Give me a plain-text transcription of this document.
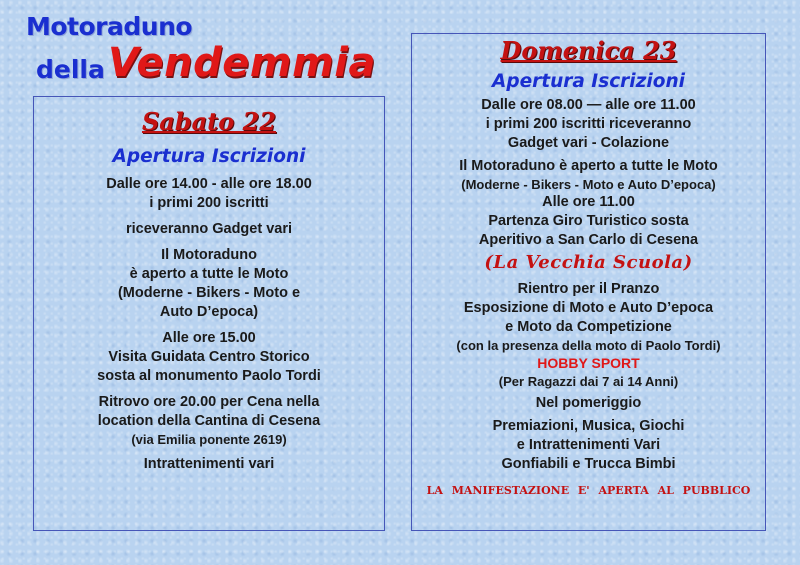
Motoraduno
della Vendemmia
Sabato 22
Apertura Iscrizioni
Dalle ore 14.00 - alle ore 18.00
i primi 200 iscritti
riceveranno Gadget vari
Il Motoraduno
è aperto a tutte le Moto
(Moderne - Bikers - Moto e
Auto D’epoca)
Alle ore 15.00
Visita Guidata Centro Storico
sosta al monumento Paolo Tordi
Ritrovo ore 20.00 per Cena nella
location della Cantina di Cesena
(via Emilia ponente 2619)
Intrattenimenti vari
Domenica 23
Apertura Iscrizioni
Dalle ore 08.00 — alle ore 11.00
i primi 200 iscritti riceveranno
Gadget vari - Colazione
Il Motoraduno è aperto a tutte le Moto
(Moderne - Bikers - Moto e Auto D’epoca)
Alle ore 11.00
Partenza Giro Turistico sosta
Aperitivo a San Carlo di Cesena
(La Vecchia Scuola)
Rientro per il Pranzo
Esposizione di Moto e Auto D’epoca
e Moto da Competizione
(con la presenza della moto di Paolo Tordi)
HOBBY SPORT
(Per Ragazzi dai 7 ai 14 Anni)
Nel pomeriggio
Premiazioni, Musica, Giochi
e Intrattenimenti Vari
Gonfiabili e Trucca Bimbi
LA MANIFESTAZIONE E' APERTA AL PUBBLICO
